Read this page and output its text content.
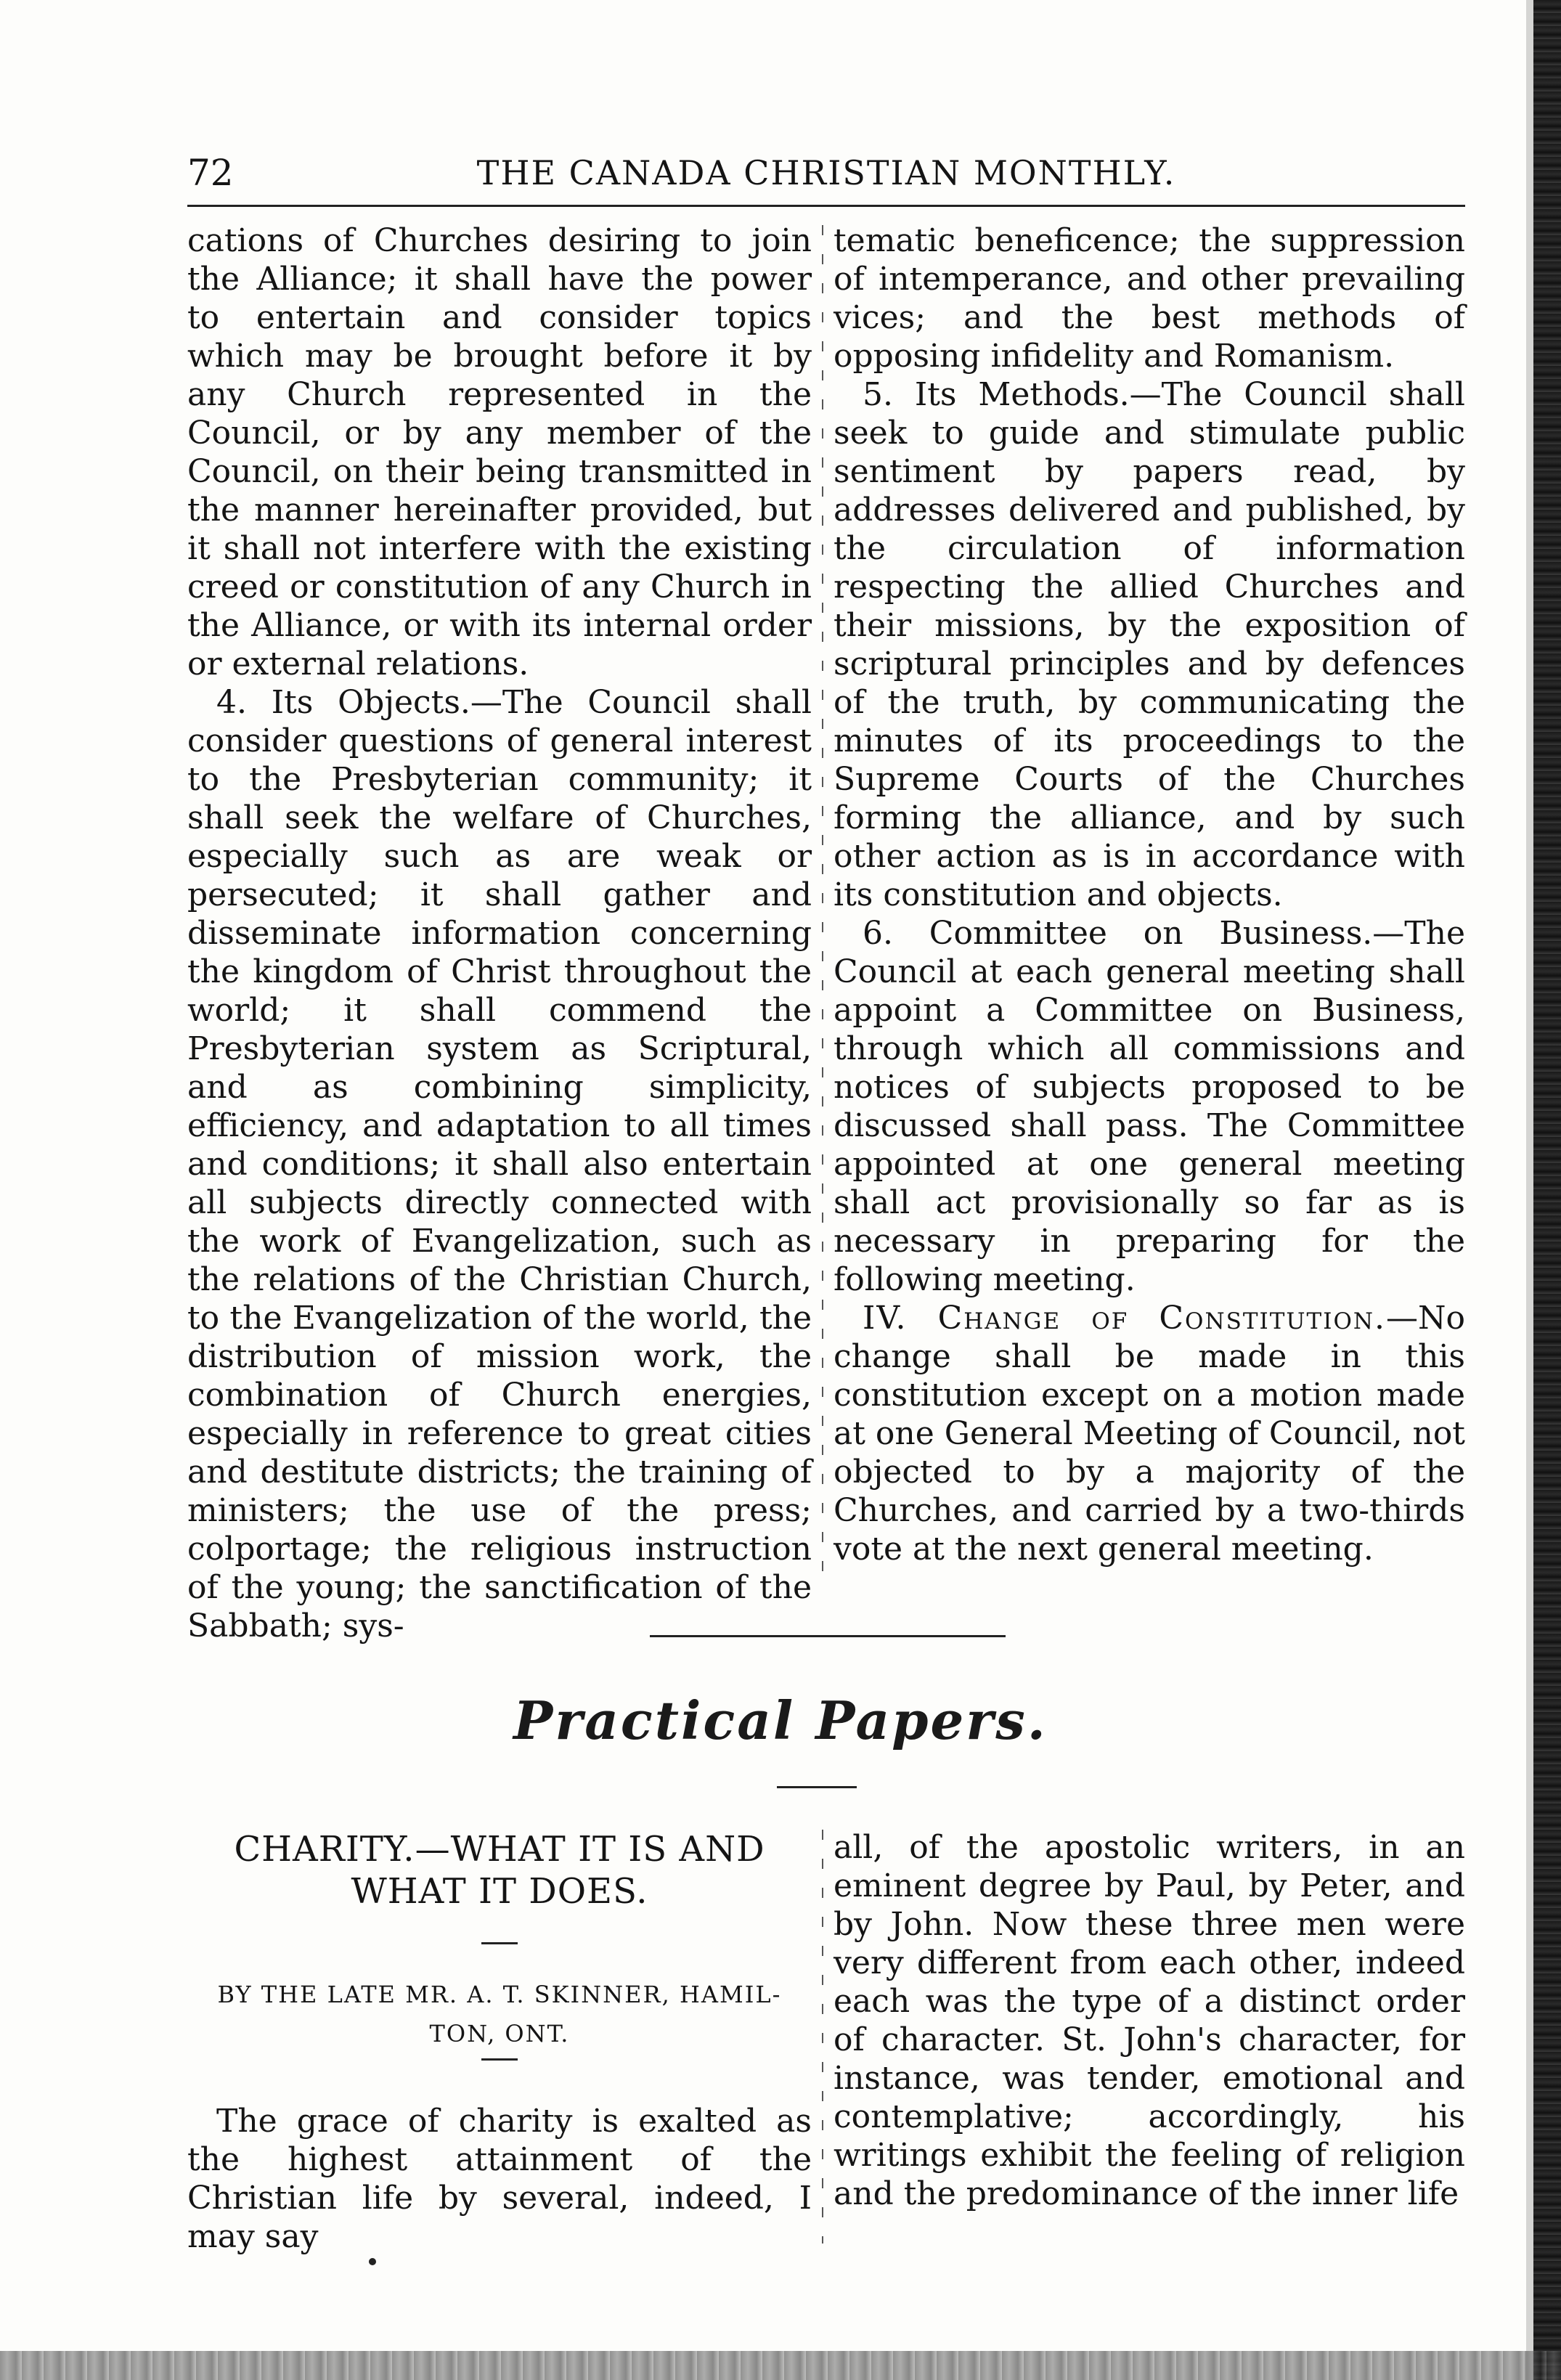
72	THE CANADA CHRISTIAN MONTHLY.

cations of Churches desiring to join the Alliance; it shall have the power to entertain and consider topics which may be brought before it by any Church represented in the Council, or by any member of the Council, on their being transmitted in the manner hereinafter provided, but it shall not interfere with the existing creed or constitution of any Church in the Alliance, or with its internal order or external relations.

4. Its Objects.—The Council shall consider questions of general interest to the Presbyterian community; it shall seek the welfare of Churches, especially such as are weak or persecuted; it shall gather and disseminate information concerning the kingdom of Christ throughout the world; it shall commend the Presbyterian system as Scriptural, and as combining simplicity, efficiency, and adaptation to all times and conditions; it shall also entertain all subjects directly connected with the work of Evangelization, such as the relations of the Christian Church, to the Evangelization of the world, the distribution of mission work, the combination of Church energies, especially in reference to great cities and destitute districts; the training of ministers; the use of the press; colportage; the religious instruction of the young; the sanctification of the Sabbath; sys-

tematic beneficence; the suppression of intemperance, and other prevailing vices; and the best methods of opposing infidelity and Romanism.

5. Its Methods.—The Council shall seek to guide and stimulate public sentiment by papers read, by addresses delivered and published, by the circulation of information respecting the allied Churches and their missions, by the exposition of scriptural principles and by defences of the truth, by communicating the minutes of its proceedings to the Supreme Courts of the Churches forming the alliance, and by such other action as is in accordance with its constitution and objects.

6. Committee on Business.—The Council at each general meeting shall appoint a Committee on Business, through which all commissions and notices of subjects proposed to be discussed shall pass. The Committee appointed at one general meeting shall act provisionally so far as is necessary in preparing for the following meeting.

IV. Change of Constitution.—No change shall be made in this constitution except on a motion made at one General Meeting of Council, not objected to by a majority of the Churches, and carried by a two-thirds vote at the next general meeting.

Practical Papers.
CHARITY.—WHAT IT IS AND
WHAT IT DOES.
BY THE LATE MR. A. T. SKINNER, HAMIL-
TON, ONT.

The grace of charity is exalted as the highest attainment of the Christian life by several, indeed, I may say

all, of the apostolic writers, in an eminent degree by Paul, by Peter, and by John. Now these three men were very different from each other, indeed each was the type of a distinct order of character. St. John's character, for instance, was tender, emotional and contemplative; accordingly, his writings exhibit the feeling of religion and the predominance of the inner life
